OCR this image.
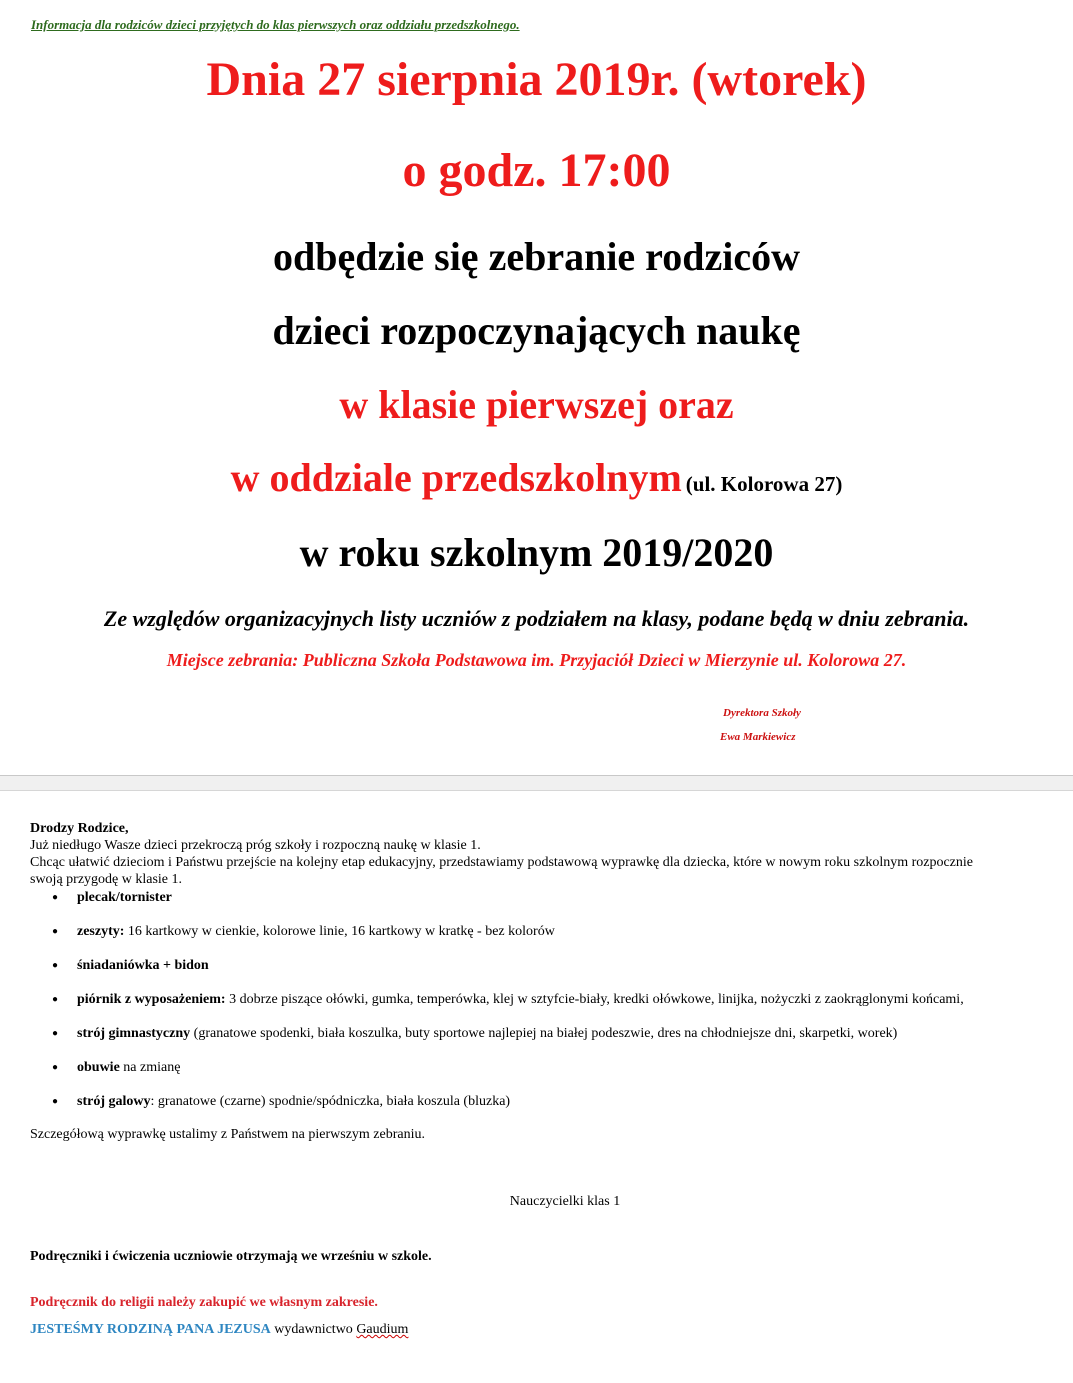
Informacja dla rodziców dzieci przyjętych do klas pierwszych oraz oddziału przedszkolnego.
Dnia 27 sierpnia 2019r. (wtorek)
o godz. 17:00
odbędzie się zebranie rodziców
dzieci rozpoczynających naukę
w klasie pierwszej oraz
w oddziale przedszkolnym (ul. Kolorowa 27)
w roku szkolnym 2019/2020
Ze względów organizacyjnych listy uczniów z podziałem na klasy, podane będą w dniu zebrania.
Miejsce zebrania: Publiczna Szkoła Podstawowa im. Przyjaciół Dzieci w Mierzynie ul. Kolorowa 27.
Dyrektora Szkoły
Ewa Markiewicz

Drodzy Rodzice,

Już niedługo Wasze dzieci przekroczą próg szkoły i rozpoczną naukę w klasie 1.

Chcąc ułatwić dzieciom i Państwu przejście na kolejny etap edukacyjny, przedstawiamy podstawową wyprawkę dla dziecka, które w nowym roku szkolnym rozpocznie swoją przygodę w klasie 1.

● plecak/tornister
● zeszyty: 16 kartkowy w cienkie, kolorowe linie, 16 kartkowy w kratkę - bez kolorów
● śniadaniówka + bidon
● piórnik z wyposażeniem: 3 dobrze piszące ołówki, gumka, temperówka, klej w sztyfcie-biały, kredki ołówkowe, linijka, nożyczki z zaokrąglonymi końcami,
● strój gimnastyczny (granatowe spodenki, biała koszulka, buty sportowe najlepiej na białej podeszwie, dres na chłodniejsze dni, skarpetki, worek)
● obuwie na zmianę
● strój galowy: granatowe (czarne) spodnie/spódniczka, biała koszula (bluzka)

Szczegółową wyprawkę ustalimy z Państwem na pierwszym zebraniu.

Nauczycielki klas 1
Podręczniki i ćwiczenia uczniowie otrzymają we wrześniu w szkole.
Podręcznik do religii należy zakupić we własnym zakresie.
JESTEŚMY RODZINĄ PANA JEZUSA wydawnictwo Gaudium
